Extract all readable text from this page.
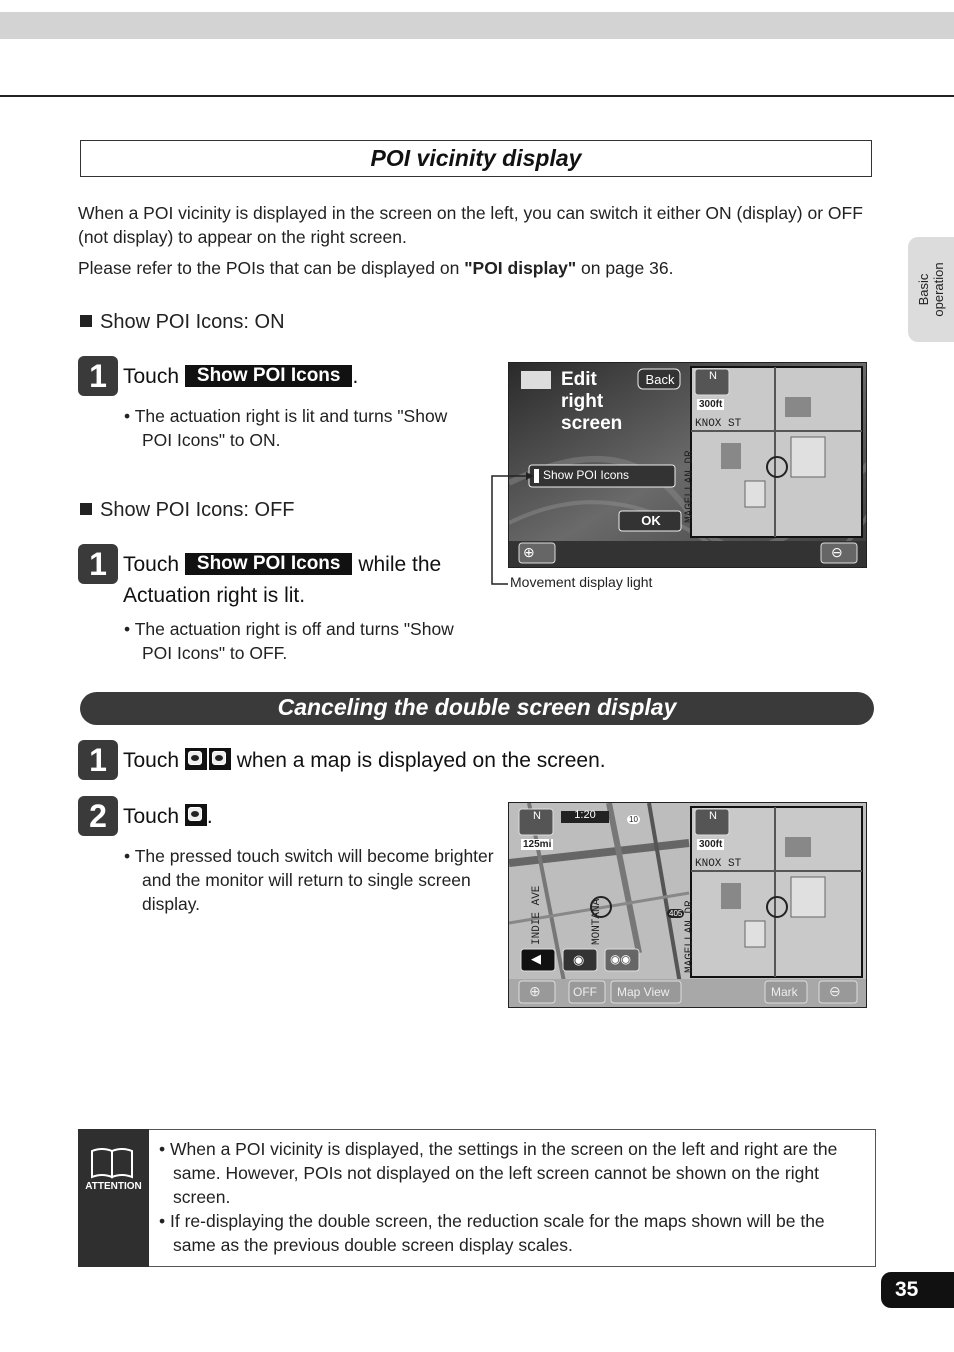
Basic
operation
POI vicinity display
When a POI vicinity is displayed in the screen on the left, you can switch it either ON (display) or OFF (not display) to appear on the right screen.
Please refer to the POIs that can be displayed on "POI display" on page 36.
Show POI Icons: ON
1 Touch Show POI Icons .
• The actuation right is lit and turns "Show POI Icons" to ON.
Show POI Icons: OFF
1 Touch Show POI Icons while the Actuation right is lit.
• The actuation right is off and turns "Show POI Icons" to OFF.
Edit right screen
Back
Show POI Icons
OK
N
300ft
KNOX ST
MAGELLAN DR
⊕	⊖
Movement display light
Canceling the double screen display
1 Touch	when a map is displayed on the screen.
2 Touch .
• The pressed touch switch will become brighter and the monitor will return to single screen display.
N	N
1:20
125mi	300ft
10
405
INDIE AVE	MONTANA
KNOX ST
MAGELLAN DR
◀ ◉ ◉◉
⊕	OFF Map View	Mark ⊖
ATTENTION

• When a POI vicinity is displayed, the settings in the screen on the left and right are the same. However, POIs not displayed on the left screen cannot be shown on the right screen.

• If re-displaying the double screen, the reduction scale for the maps shown will be the same as the previous double screen display scales.

35
